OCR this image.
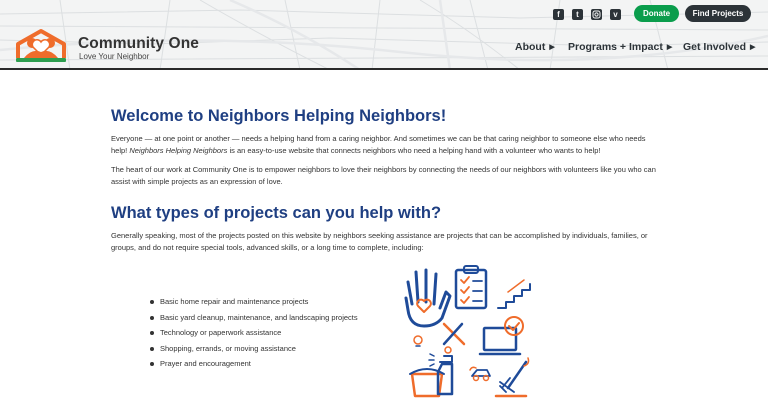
Community One
Love Your Neighbor
f	t	v	Donate	Find Projects
About ▶ Programs + Impact ▶ Get Involved ▶
Welcome to Neighbors Helping Neighbors!
Everyone — at one point or another — needs a helping hand from a caring neighbor. And sometimes we can be that caring neighbor to someone else who needs help! Neighbors Helping Neighbors is an easy-to-use website that connects neighbors who need a helping hand with a volunteer who wants to help!
The heart of our work at Community One is to empower neighbors to love their neighbors by connecting the needs of our neighbors with volunteers like you who can assist with simple projects as an expression of love.
What types of projects can you help with?
Generally speaking, most of the projects posted on this website by neighbors seeking assistance are projects that can be accomplished by individuals, families, or groups, and do not require special tools, advanced skills, or a long time to complete, including:
Basic home repair and maintenance projects
Basic yard cleanup, maintenance, and landscaping projects
Technology or paperwork assistance
Shopping, errands, or moving assistance
Prayer and encouragement
